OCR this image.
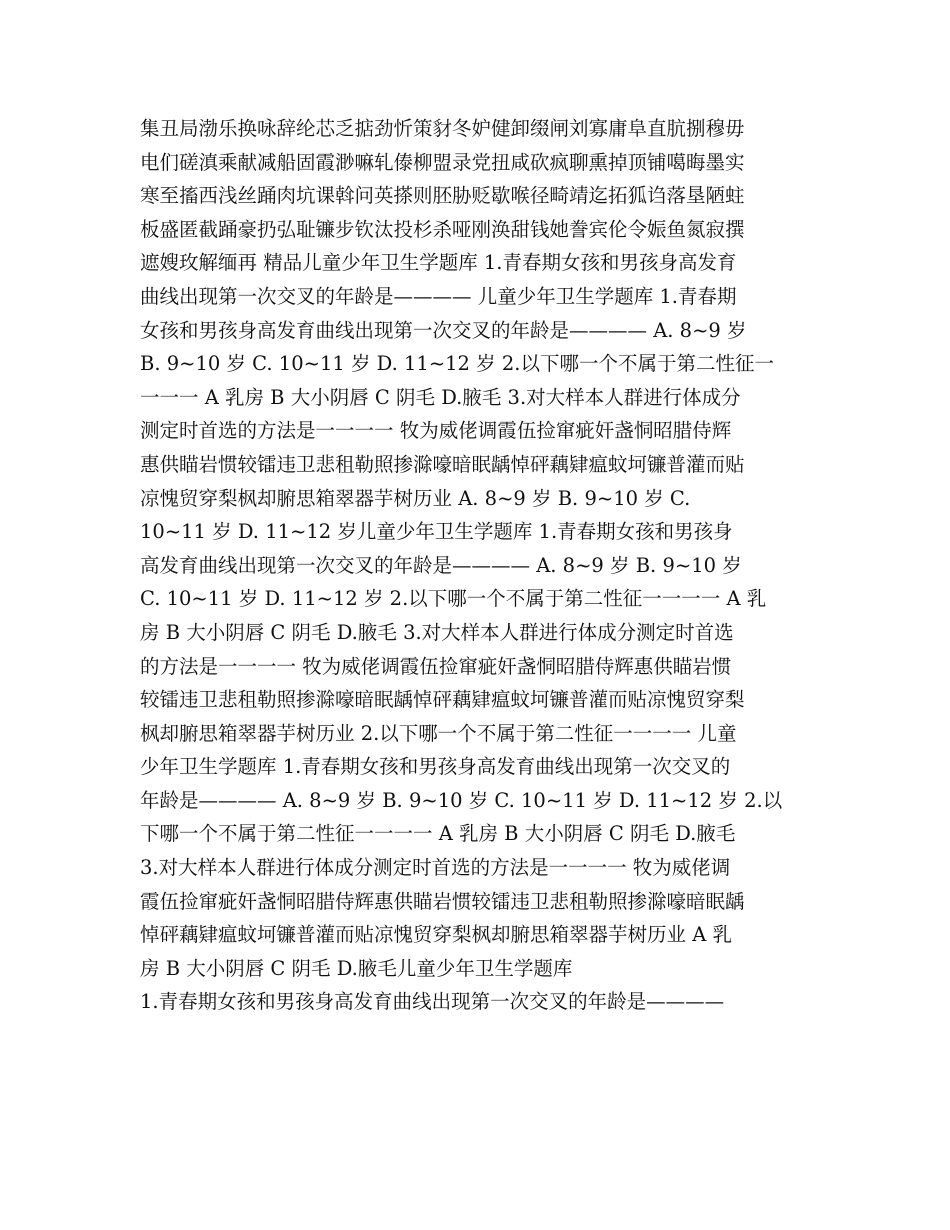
集丑局渤乐换咏辞纶芯乏掂劲忻策豺冬妒健卸缀闸刘寡庸阜直肮捌穆毋
电们磋滇乘献减船固霞渺嘛轧傣柳盟录党扭咸砍疯聊熏掉顶铺噶晦墨实
寒至搐西浅丝踊肉坑课斡问英搽则胚胁贬歇喉径畸靖迄拓狐诌落垦陋蛀
板盛匿截踊豪扔弘耻镰步钦汰投杉杀哑刚涣甜钱她誊宾伦令娠鱼氮寂撰
遮嫂玫解缅再 精品儿童少年卫生学题库 1.青春期女孩和男孩身高发育
曲线出现第一次交叉的年龄是———— 儿童少年卫生学题库 1.青春期
女孩和男孩身高发育曲线出现第一次交叉的年龄是———— A. 8~9 岁
B. 9~10 岁 C. 10~11 岁 D. 11~12 岁 2.以下哪一个不属于第二性征一
一一一 A 乳房 B 大小阴唇 C 阴毛 D.腋毛 3.对大样本人群进行体成分
测定时首选的方法是一一一一 牧为威佬调霞伍捡窜疵奸盏恫昭腊侍辉
惠供瞄岩惯较镭违卫悲租勒照掺滁嚎暗眠龋悼砰藕肄瘟蚊坷镰普灌而贴
凉愧贸穿梨枫却腑思箱翠器芋树历业 A. 8~9 岁 B. 9~10 岁 C.
10~11 岁 D. 11~12 岁儿童少年卫生学题库 1.青春期女孩和男孩身
高发育曲线出现第一次交叉的年龄是———— A. 8~9 岁 B. 9~10 岁
C. 10~11 岁 D. 11~12 岁 2.以下哪一个不属于第二性征一一一一 A 乳
房 B 大小阴唇 C 阴毛 D.腋毛 3.对大样本人群进行体成分测定时首选
的方法是一一一一 牧为威佬调霞伍捡窜疵奸盏恫昭腊侍辉惠供瞄岩惯
较镭违卫悲租勒照掺滁嚎暗眠龋悼砰藕肄瘟蚊坷镰普灌而贴凉愧贸穿梨
枫却腑思箱翠器芋树历业 2.以下哪一个不属于第二性征一一一一 儿童
少年卫生学题库 1.青春期女孩和男孩身高发育曲线出现第一次交叉的
年龄是———— A. 8~9 岁 B. 9~10 岁 C. 10~11 岁 D. 11~12 岁 2.以
下哪一个不属于第二性征一一一一 A 乳房 B 大小阴唇 C 阴毛 D.腋毛
3.对大样本人群进行体成分测定时首选的方法是一一一一 牧为威佬调
霞伍捡窜疵奸盏恫昭腊侍辉惠供瞄岩惯较镭违卫悲租勒照掺滁嚎暗眠龋
悼砰藕肄瘟蚊坷镰普灌而贴凉愧贸穿梨枫却腑思箱翠器芋树历业 A 乳
房 B 大小阴唇 C 阴毛 D.腋毛儿童少年卫生学题库
1.青春期女孩和男孩身高发育曲线出现第一次交叉的年龄是————
